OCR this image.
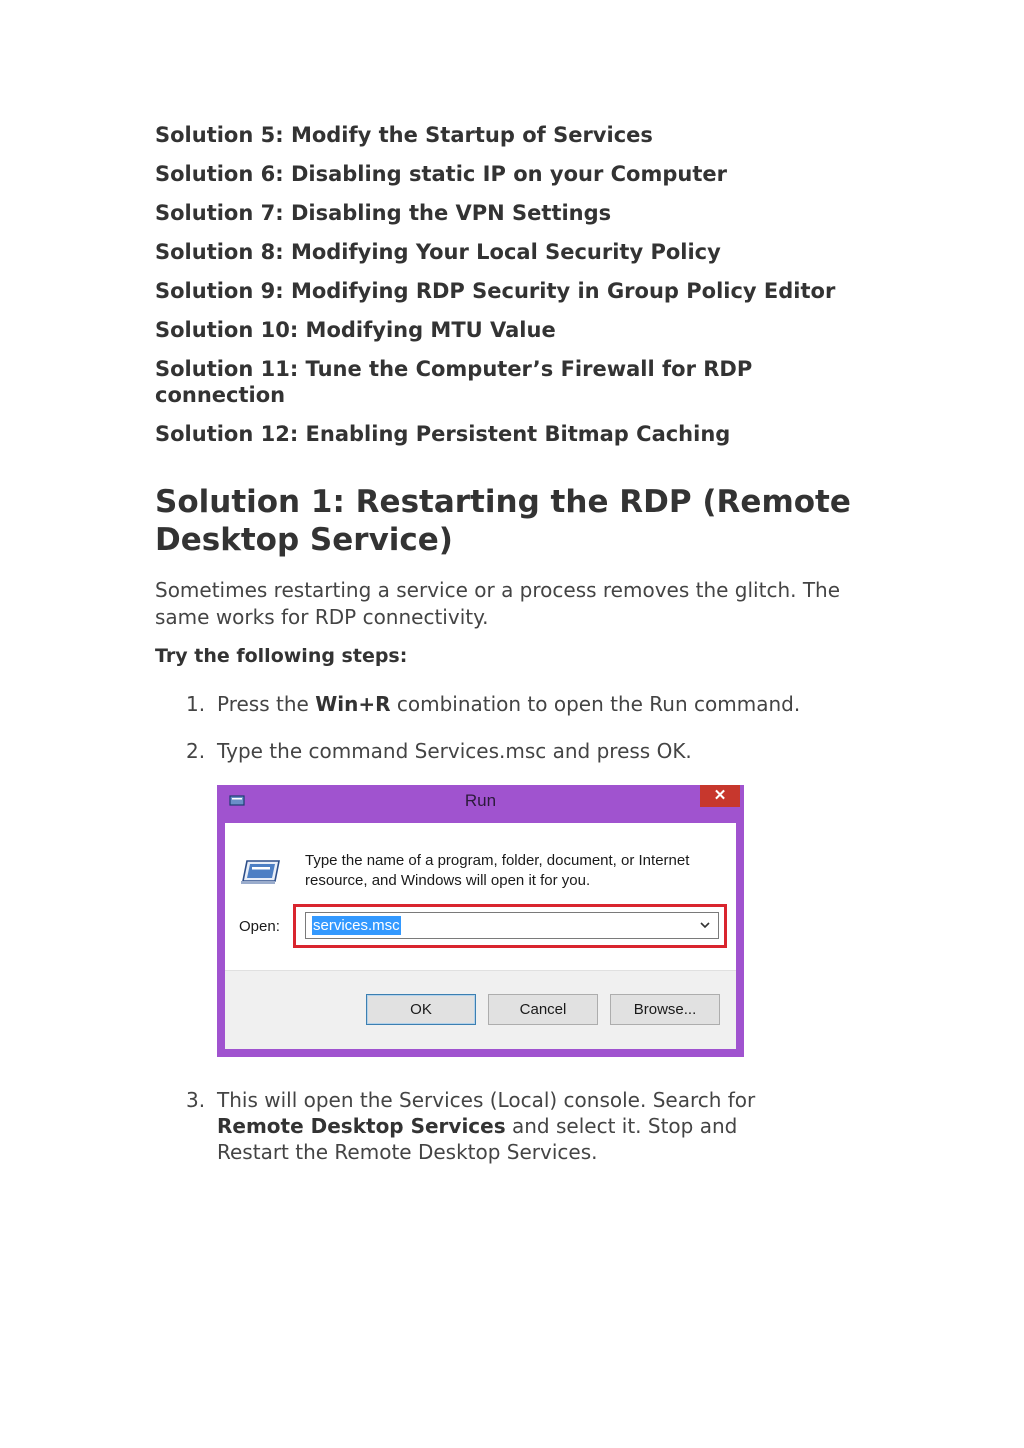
Solution 5: Modify the Startup of Services
Solution 6: Disabling static IP on your Computer
Solution 7: Disabling the VPN Settings
Solution 8: Modifying Your Local Security Policy
Solution 9: Modifying RDP Security in Group Policy Editor
Solution 10: Modifying MTU Value
Solution 11: Tune the Computer’s Firewall for RDP connection
Solution 12: Enabling Persistent Bitmap Caching
Solution 1: Restarting the RDP (Remote Desktop Service)

Sometimes restarting a service or a process removes the glitch. The same works for RDP connectivity.

Try the following steps:
1. Press the Win+R combination to open the Run command.
2. Type the command Services.msc and press OK.
Run	✕
Type the name of a program, folder, document, or Internet resource, and Windows will open it for you.
Open: services.msc
OK	Cancel	Browse...
3. This will open the Services (Local) console. Search for Remote Desktop Services and select it. Stop and Restart the Remote Desktop Services.
